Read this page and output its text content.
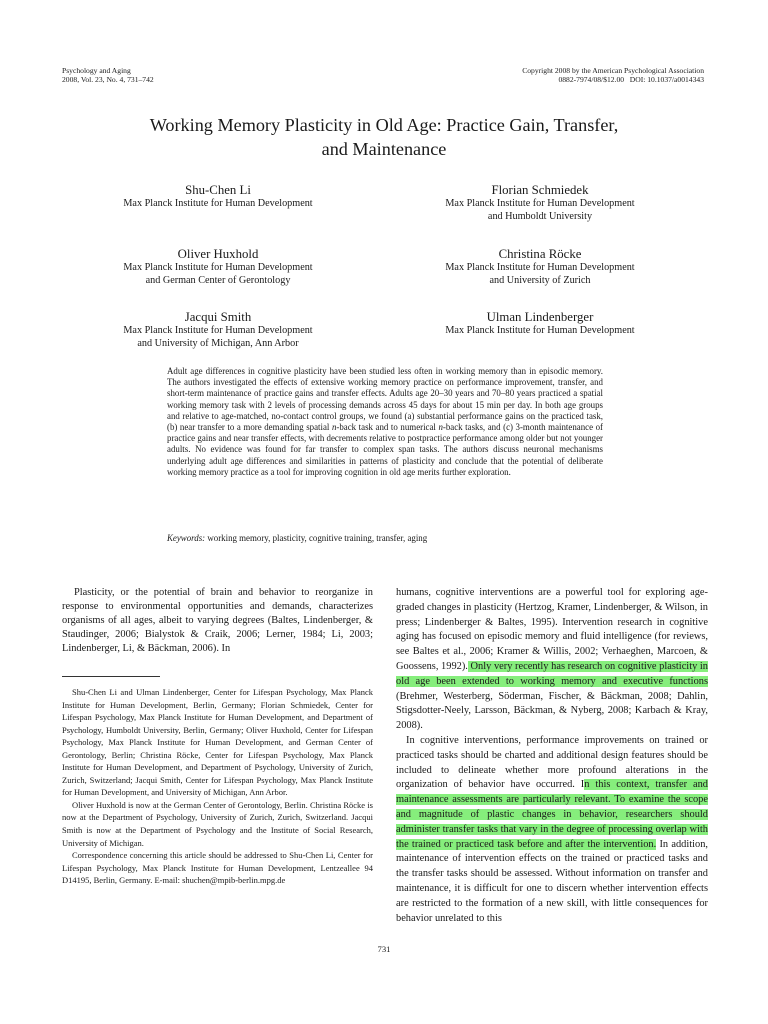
Psychology and Aging
2008, Vol. 23, No. 4, 731–742
Copyright 2008 by the American Psychological Association
0882-7974/08/$12.00   DOI: 10.1037/a0014343
Working Memory Plasticity in Old Age: Practice Gain, Transfer,
and Maintenance
Shu-Chen Li
Max Planck Institute for Human Development
Florian Schmiedek
Max Planck Institute for Human Development
and Humboldt University
Oliver Huxhold
Max Planck Institute for Human Development
and German Center of Gerontology
Christina Röcke
Max Planck Institute for Human Development
and University of Zurich
Jacqui Smith
Max Planck Institute for Human Development
and University of Michigan, Ann Arbor
Ulman Lindenberger
Max Planck Institute for Human Development
Adult age differences in cognitive plasticity have been studied less often in working memory than in episodic memory. The authors investigated the effects of extensive working memory practice on performance improvement, transfer, and short-term maintenance of practice gains and transfer effects. Adults age 20–30 years and 70–80 years practiced a spatial working memory task with 2 levels of processing demands across 45 days for about 15 min per day. In both age groups and relative to age-matched, no-contact control groups, we found (a) substantial performance gains on the practiced task, (b) near transfer to a more demanding spatial n-back task and to numerical n-back tasks, and (c) 3-month maintenance of practice gains and near transfer effects, with decrements relative to postpractice performance among older but not younger adults. No evidence was found for far transfer to complex span tasks. The authors discuss neuronal mechanisms underlying adult age differences and similarities in patterns of plasticity and conclude that the potential of deliberate working memory practice as a tool for improving cognition in old age merits further exploration.
Keywords: working memory, plasticity, cognitive training, transfer, aging

Plasticity, or the potential of brain and behavior to reorganize in response to environmental opportunities and demands, characterizes organisms of all ages, albeit to varying degrees (Baltes, Lindenberger, & Staudinger, 2006; Bialystok & Craik, 2006; Lerner, 1984; Li, 2003; Lindenberger, Li, & Bäckman, 2006). In

Shu-Chen Li and Ulman Lindenberger, Center for Lifespan Psychology, Max Planck Institute for Human Development, Berlin, Germany; Florian Schmiedek, Center for Lifespan Psychology, Max Planck Institute for Human Development, and Department of Psychology, Humboldt University, Berlin, Germany; Oliver Huxhold, Center for Lifespan Psychology, Max Planck Institute for Human Development, and German Center of Gerontology, Berlin; Christina Röcke, Center for Lifespan Psychology, Max Planck Institute for Human Development, and Department of Psychology, University of Zurich, Zurich, Switzerland; Jacqui Smith, Center for Lifespan Psychology, Max Planck Institute for Human Development, and University of Michigan, Ann Arbor.

Oliver Huxhold is now at the German Center of Gerontology, Berlin. Christina Röcke is now at the Department of Psychology, University of Zurich, Zurich, Switzerland. Jacqui Smith is now at the Department of Psychology and the Institute of Social Research, University of Michigan.

Correspondence concerning this article should be addressed to Shu-Chen Li, Center for Lifespan Psychology, Max Planck Institute for Human Development, Lentzeallee 94 D14195, Berlin, Germany. E-mail: shuchen@mpib-berlin.mpg.de

humans, cognitive interventions are a powerful tool for exploring age-graded changes in plasticity (Hertzog, Kramer, Lindenberger, & Wilson, in press; Lindenberger & Baltes, 1995). Intervention research in cognitive aging has focused on episodic memory and fluid intelligence (for reviews, see Baltes et al., 2006; Kramer & Willis, 2002; Verhaeghen, Marcoen, & Goossens, 1992). Only very recently has research on cognitive plasticity in old age been extended to working memory and executive functions (Brehmer, Westerberg, Söderman, Fischer, & Bäckman, 2008; Dahlin, Stigsdotter-Neely, Larsson, Bäckman, & Nyberg, 2008; Karbach & Kray, 2008).

In cognitive interventions, performance improvements on trained or practiced tasks should be charted and additional design features should be included to delineate whether more profound alterations in the organization of behavior have occurred. In this context, transfer and maintenance assessments are particularly relevant. To examine the scope and magnitude of plastic changes in behavior, researchers should administer transfer tasks that vary in the degree of processing overlap with the trained or practiced task before and after the intervention. In addition, maintenance of intervention effects on the trained or practiced tasks and the transfer tasks should be assessed. Without information on transfer and maintenance, it is difficult for one to discern whether intervention effects are restricted to the formation of a new skill, with little consequences for behavior unrelated to this

731
